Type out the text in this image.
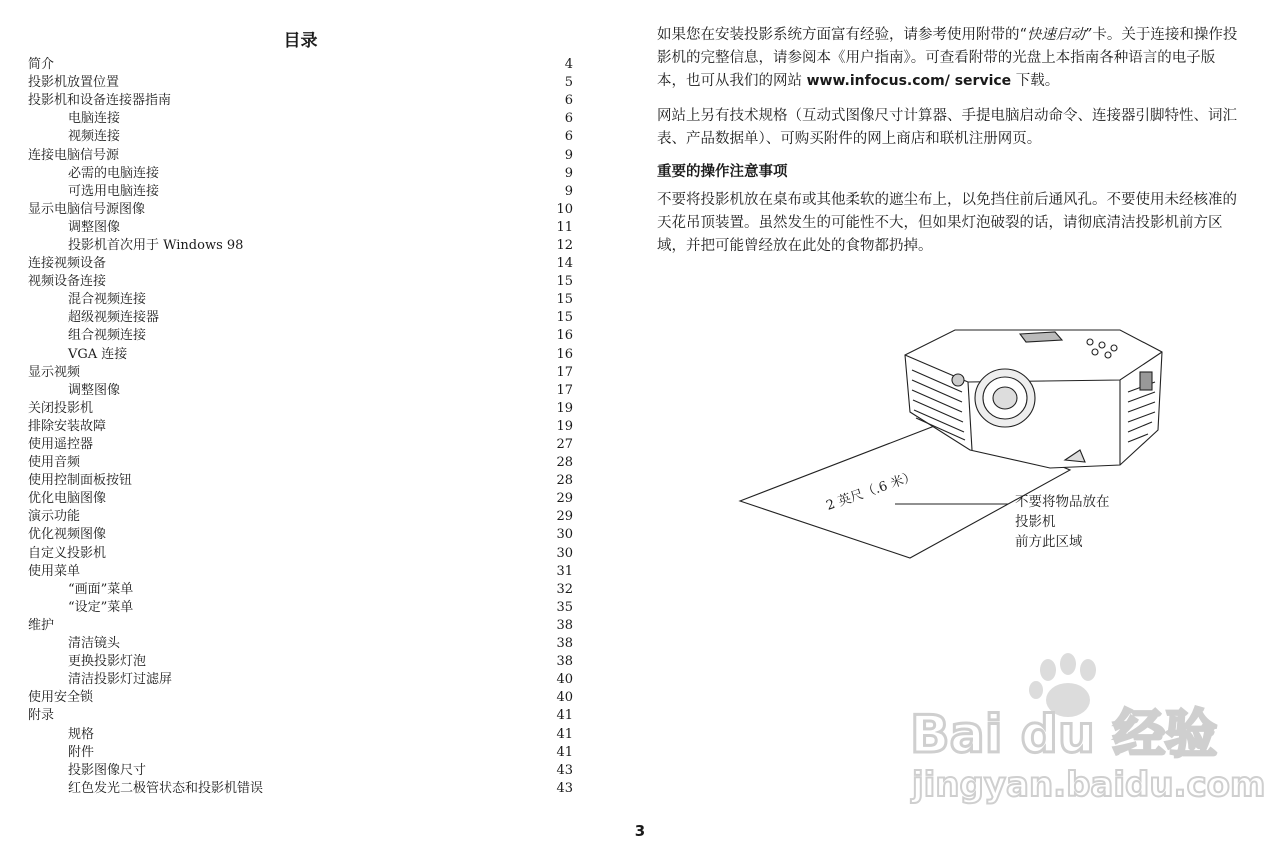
目录
简介	4
投影机放置位置	5
投影机和设备连接器指南	6
电脑连接	6
视频连接	6
连接电脑信号源	9
必需的电脑连接	9
可选用电脑连接	9
显示电脑信号源图像	10
调整图像	11
投影机首次用于 Windows 98	12
连接视频设备	14
视频设备连接	15
混合视频连接	15
超级视频连接器	15
组合视频连接	16
VGA 连接	16
显示视频	17
调整图像	17
关闭投影机	19
排除安装故障	19
使用遥控器	27
使用音频	28
使用控制面板按钮	28
优化电脑图像	29
演示功能	29
优化视频图像	30
自定义投影机	30
使用菜单	31
“画面”菜单	32
“设定”菜单	35
维护	38
清洁镜头	38
更换投影灯泡	38
清洁投影灯过滤屏	40
使用安全锁	40
附录	41
规格	41
附件	41
投影图像尺寸	43
红色发光二极管状态和投影机错误	43

如果您在安装投影系统方面富有经验，请参考使用附带的“快速启动”卡。关于连接和操作投影机的完整信息，请参阅本《用户指南》。可查看附带的光盘上本指南各种语言的电子版本，也可从我们的网站 www.infocus.com/ service 下载。

网站上另有技术规格（互动式图像尺寸计算器、手提电脑启动命令、连接器引脚特性、词汇表、产品数据单）、可购买附件的网上商店和联机注册网页。

重要的操作注意事项

不要将投影机放在桌布或其他柔软的遮尘布上，以免挡住前后通风孔。不要使用未经核准的天花吊顶装置。虽然发生的可能性不大，但如果灯泡破裂的话，请彻底清洁投影机前方区域，并把可能曾经放在此处的食物都扔掉。

2 英尺（.6 米）	不要将物品放在
投影机
前方此区域
Bai du 经验
jingyan.baidu.com
3
